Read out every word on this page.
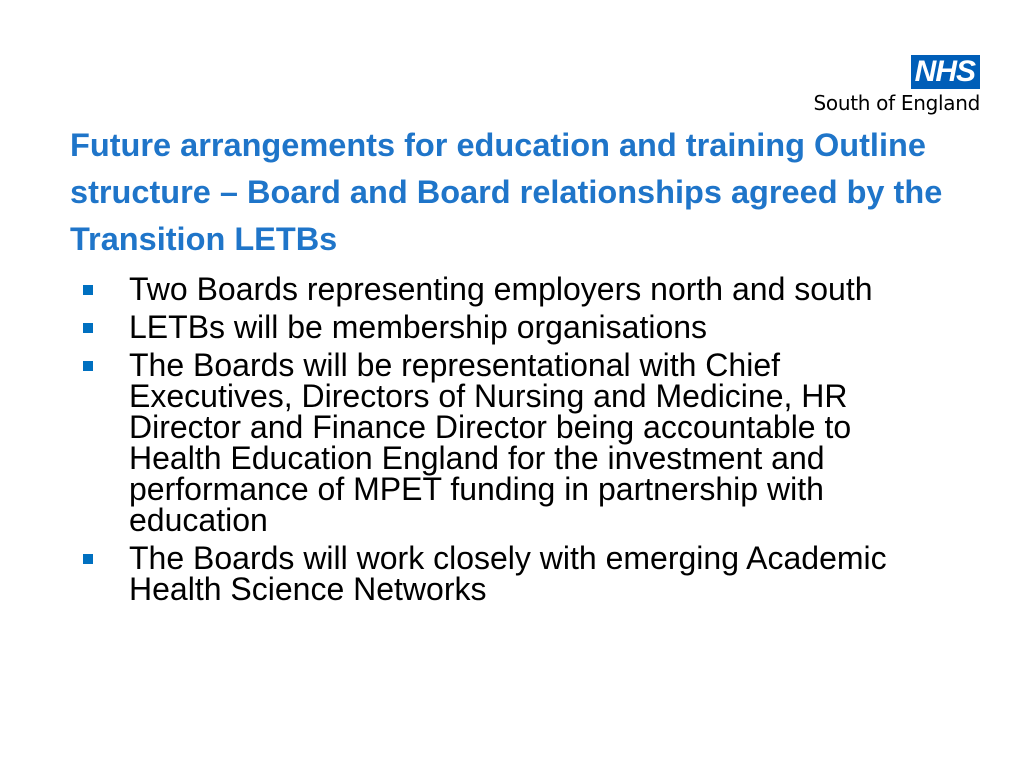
NHS
South of England
Future arrangements for education and training Outline structure – Board and Board relationships agreed by the Transition LETBs
Two Boards representing employers north and south
LETBs will be membership organisations
The Boards will be representational with Chief Executives, Directors of Nursing and Medicine, HR Director and Finance Director being accountable to Health Education England for the investment and performance of MPET funding in partnership with education
The Boards will work closely with emerging Academic Health Science Networks
